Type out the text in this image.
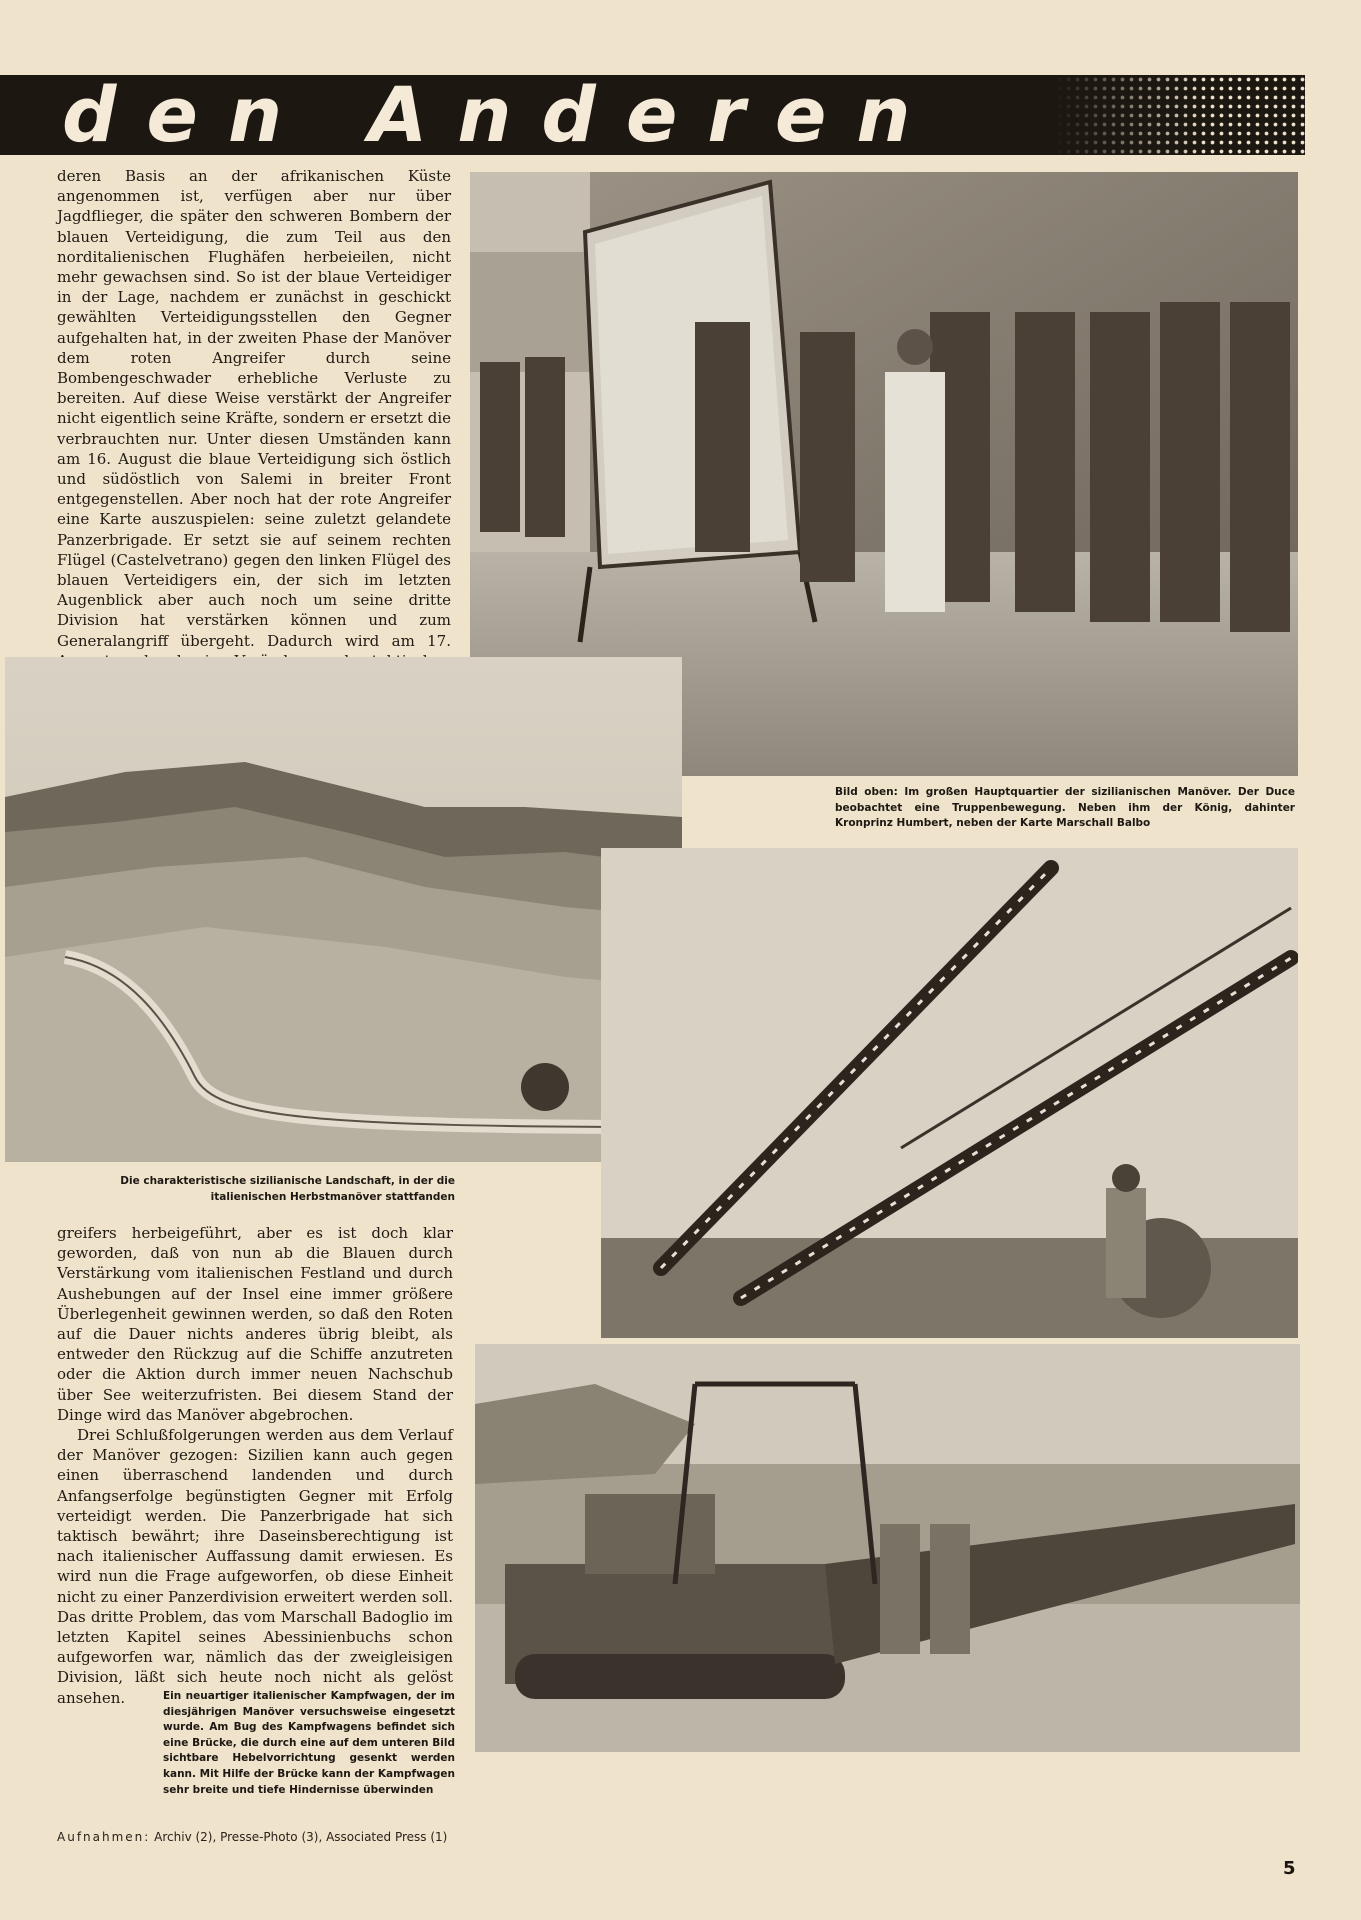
den Anderen

deren Basis an der afrikanischen Küste angenommen ist, verfügen aber nur über Jagdflieger, die später den schweren Bombern der blauen Verteidigung, die zum Teil aus den norditalienischen Flughäfen herbeieilen, nicht mehr gewachsen sind. So ist der blaue Verteidiger in der Lage, nachdem er zunächst in geschickt gewählten Verteidigungsstellen den Gegner aufgehalten hat, in der zweiten Phase der Manöver dem roten Angreifer durch seine Bombengeschwader erhebliche Verluste zu bereiten. Auf diese Weise verstärkt der Angreifer nicht eigentlich seine Kräfte, sondern er ersetzt die verbrauchten nur. Unter diesen Umständen kann am 16. August die blaue Verteidigung sich östlich und südöstlich von Salemi in breiter Front entgegenstellen. Aber noch hat der rote Angreifer eine Karte auszuspielen: seine zuletzt gelandete Panzerbrigade. Er setzt sie auf seinem rechten Flügel (Castelvetrano) gegen den linken Flügel des blauen Verteidigers ein, der sich im letzten Augenblick aber auch noch um seine dritte Division hat verstärken können und zum Generalangriff übergeht. Dadurch wird am 17.

Bild oben: Im großen Hauptquartier der sizilianischen Manöver. Der Duce beobachtet eine Truppenbewegung. Neben ihm der König, dahinter Kronprinz Humbert, neben der Karte Marschall Balbo
Die charakteristische sizilianische Landschaft, in der die italienischen Herbstmanöver stattfanden

greifers herbeigeführt, aber es ist doch klar geworden, daß von nun ab die Blauen durch Verstärkung vom italienischen Festland und durch Aushebungen auf der Insel eine immer größere Überlegenheit gewinnen werden, so daß den Roten auf die Dauer nichts anderes übrig bleibt, als entweder den Rückzug auf die Schiffe anzutreten oder die Aktion durch immer neuen Nachschub über See weiterzufristen. Bei diesem Stand der Dinge wird das Manöver abgebrochen.

Drei Schlußfolgerungen werden aus dem Verlauf der Manöver gezogen: Sizilien kann auch gegen einen überraschend landenden und durch Anfangserfolge begünstigten Gegner mit Erfolg verteidigt werden. Die Panzerbrigade hat sich taktisch bewährt; ihre Daseinsberechtigung ist nach italienischer Auffassung damit erwiesen. Es wird nun die Frage aufgeworfen, ob diese Einheit nicht zu einer Panzerdivision erweitert werden soll. Das dritte Problem, das vom Marschall Badoglio im letzten Kapitel seines Abessinienbuchs schon aufgeworfen war, nämlich das der zweigleisigen Division, läßt sich heute noch nicht als gelöst ansehen.	Ein neuartiger italienischer Kampfwagen, der im diesjährigen Manöver versuchsweise eingesetzt wurde. Am Bug des Kampfwagens befindet sich eine Brücke, die durch eine auf dem unteren Bild sichtbare Hebelvorrichtung gesenkt werden kann. Mit Hilfe der Brücke kann der Kampfwagen sehr breite und tiefe Hindernisse überwinden
Aufnahmen: Archiv (2), Presse-Photo (3), Associated Press (1)
5
